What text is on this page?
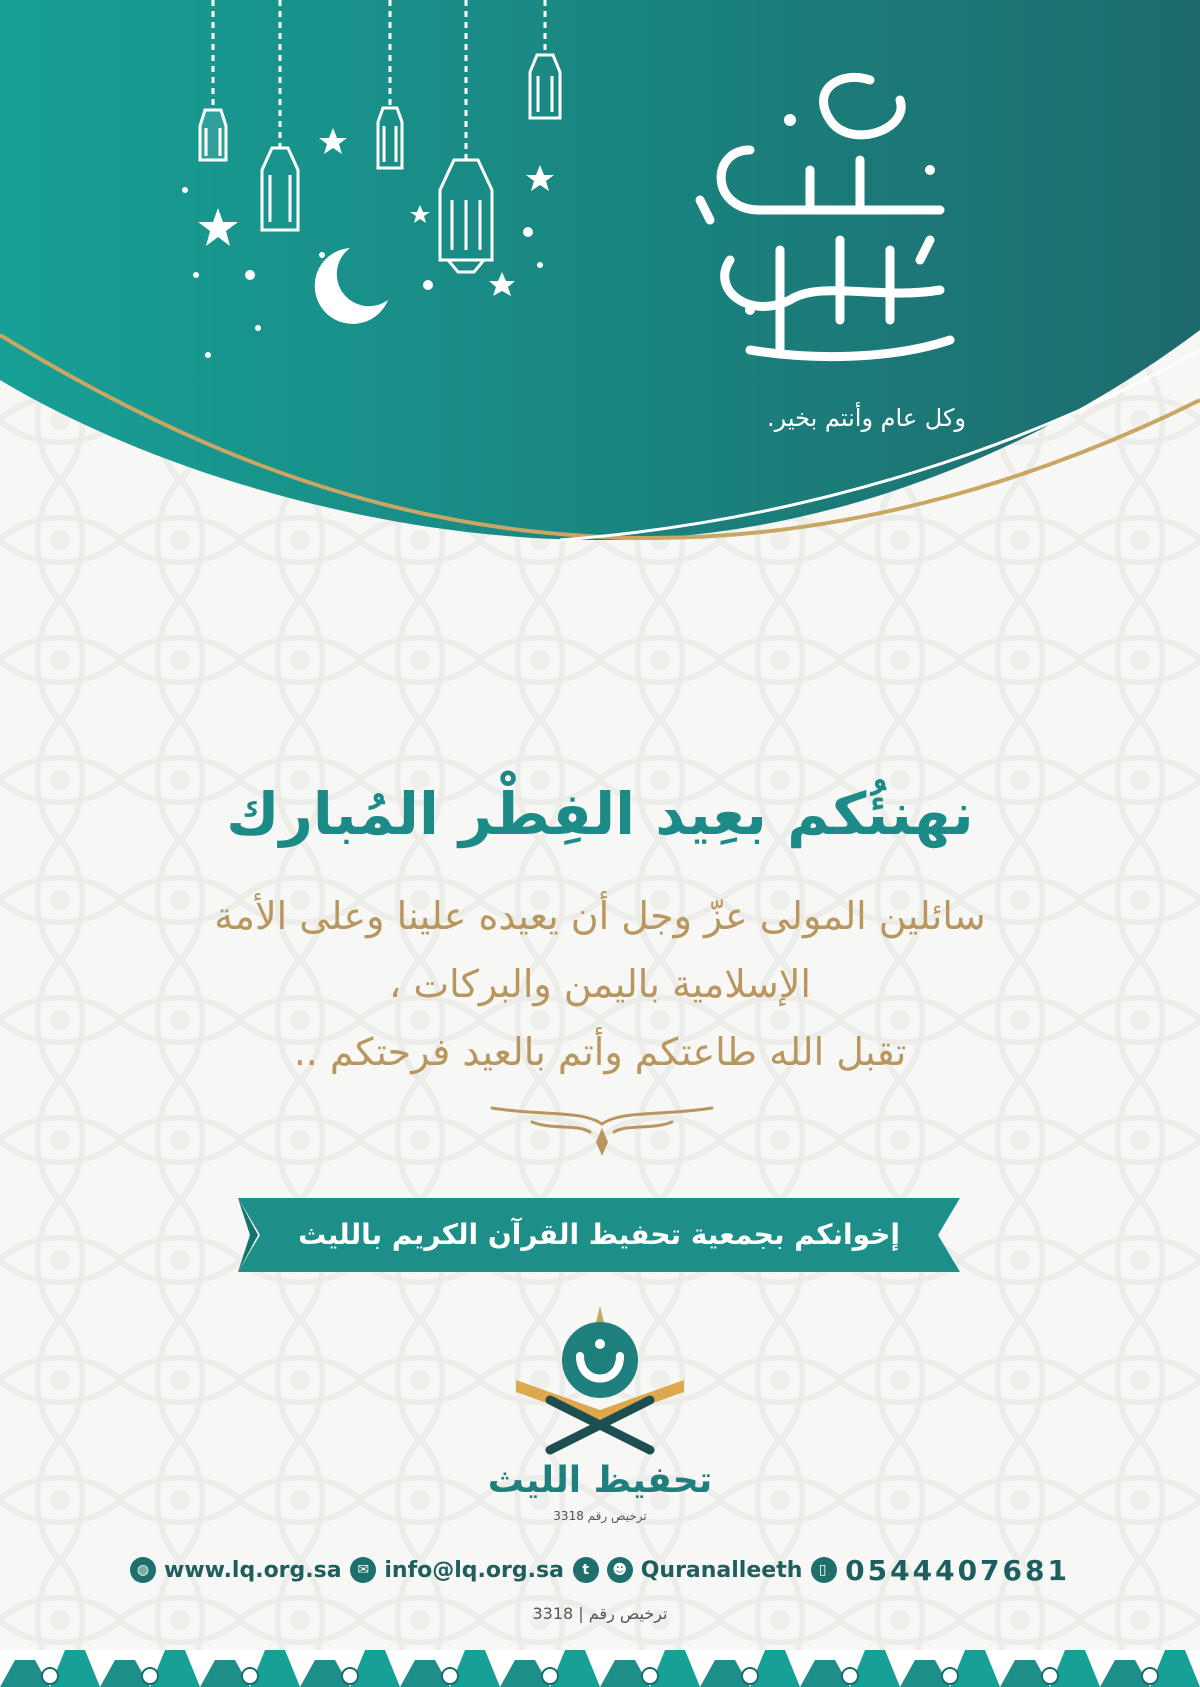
وكل عام وأنتم بخير.
نهنئُكم بعِيد الفِطْر المُبارك
سائلين المولى عزّ وجل أن يعيده علينا وعلى الأمة
الإسلامية باليمن والبركات ،
تقبل الله طاعتكم وأتم بالعيد فرحتكم ..
إخوانكم بجمعية تحفيظ القرآن الكريم بالليث
تحفيظ الليث
ترخيص رقم 3318
◍ www.lq.org.sa	✉ info@lq.org.sa	t	☻ Quranalleeth	▯ 0544407681
ترخيص رقم | 3318
